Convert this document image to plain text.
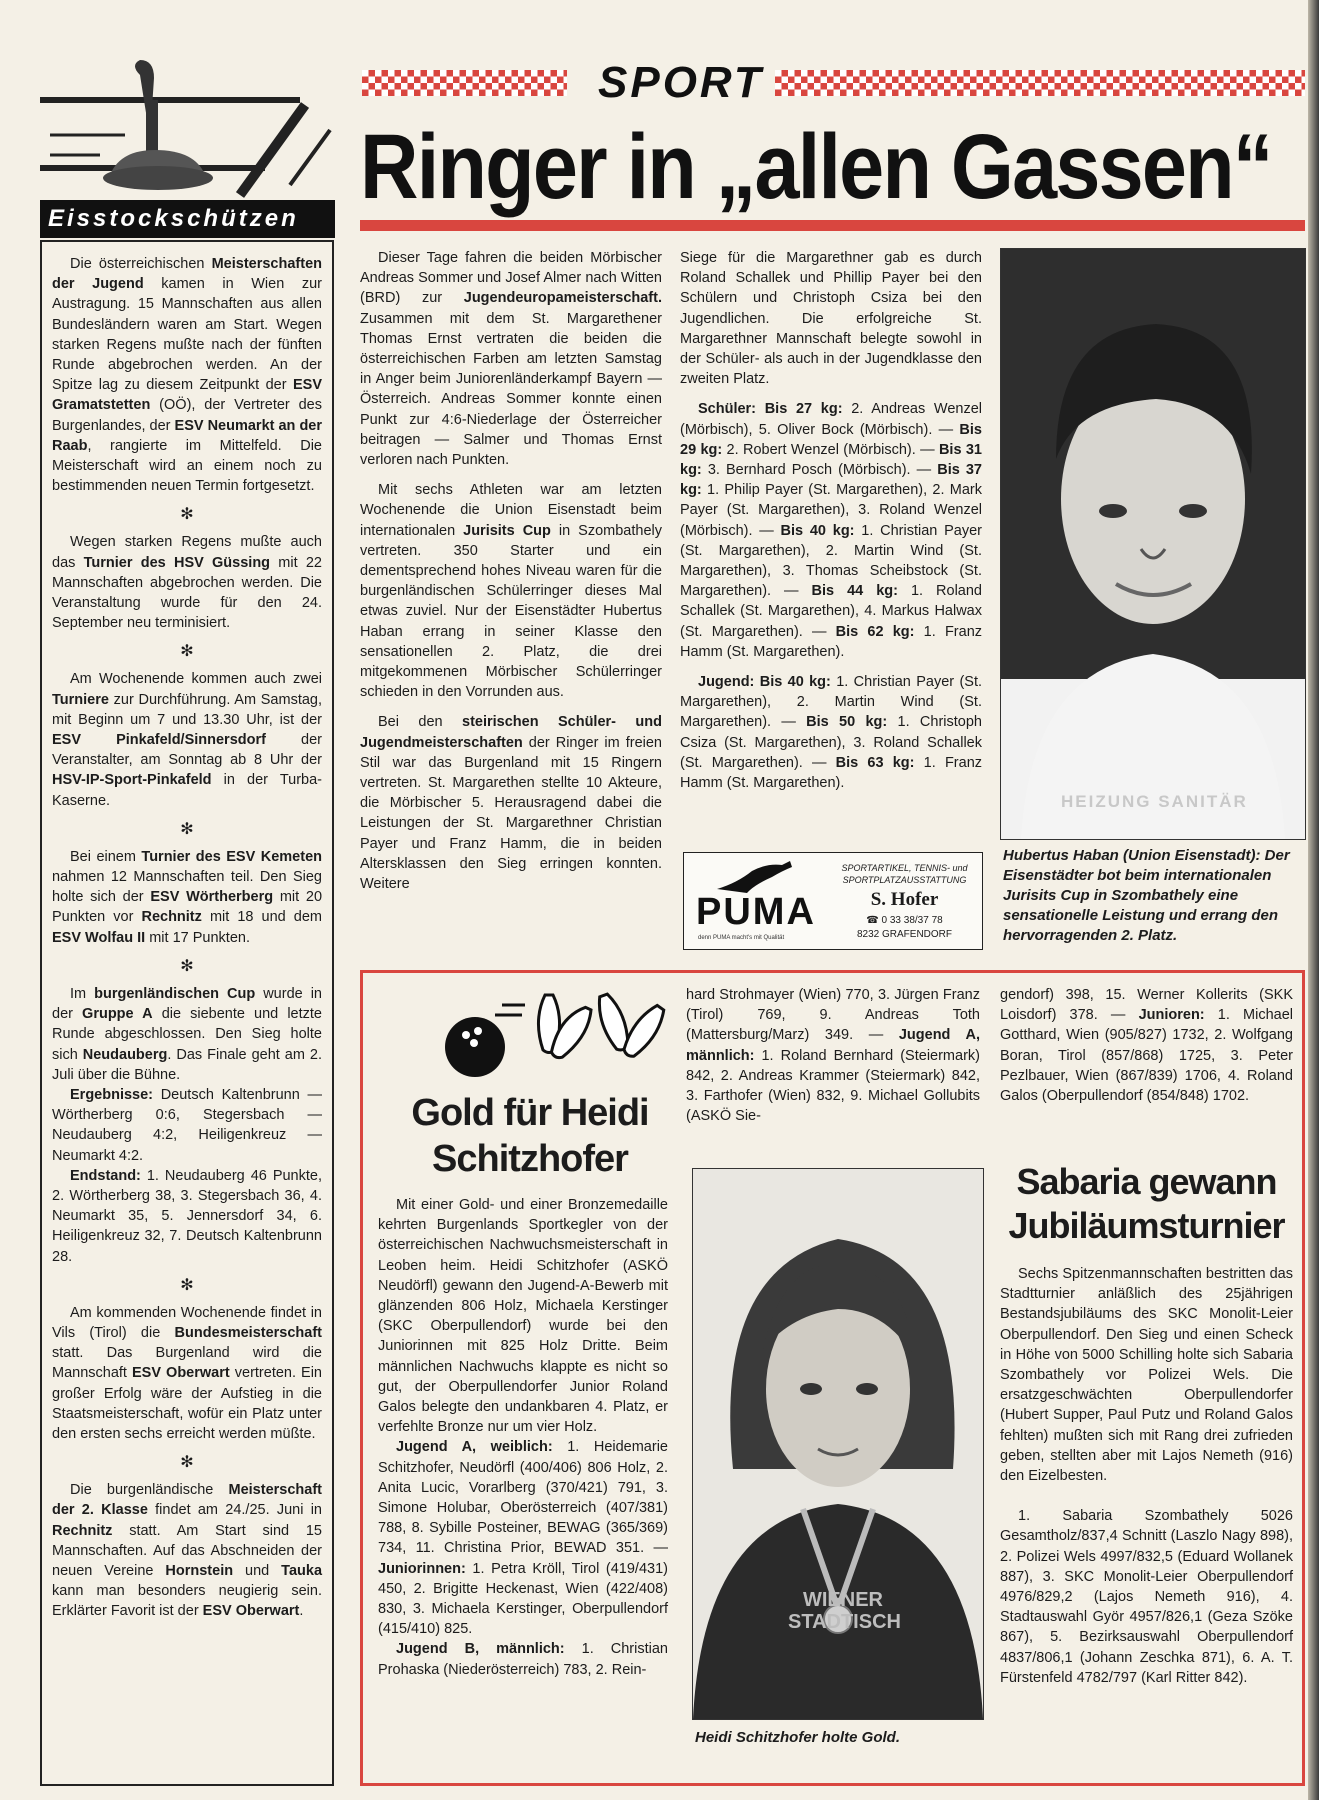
Eisstockschützen

Die österreichischen Meisterschaften der Jugend kamen in Wien zur Austragung. 15 Mannschaften aus allen Bundesländern waren am Start. Wegen starken Regens mußte nach der fünften Runde abgebrochen werden. An der Spitze lag zu diesem Zeitpunkt der ESV Gramatstetten (OÖ), der Vertreter des Burgenlandes, der ESV Neumarkt an der Raab, rangierte im Mittelfeld. Die Meisterschaft wird an einem noch zu bestimmenden neuen Termin fortgesetzt.

✻

Wegen starken Regens mußte auch das Turnier des HSV Güssing mit 22 Mannschaften abgebrochen werden. Die Veranstaltung wurde für den 24. September neu terminisiert.

✻

Am Wochenende kommen auch zwei Turniere zur Durchführung. Am Samstag, mit Beginn um 7 und 13.30 Uhr, ist der ESV Pinkafeld/Sinnersdorf der Veranstalter, am Sonntag ab 8 Uhr der HSV-IP-Sport-Pinkafeld in der Turba-Kaserne.

✻

Bei einem Turnier des ESV Kemeten nahmen 12 Mannschaften teil. Den Sieg holte sich der ESV Wörtherberg mit 20 Punkten vor Rechnitz mit 18 und dem ESV Wolfau II mit 17 Punkten.

✻

Im burgenländischen Cup wurde in der Gruppe A die siebente und letzte Runde abgeschlossen. Den Sieg holte sich Neudauberg. Das Finale geht am 2. Juli über die Bühne.

Ergebnisse: Deutsch Kaltenbrunn — Wörtherberg 0:6, Stegersbach — Neudauberg 4:2, Heiligenkreuz — Neumarkt 4:2.

Endstand: 1. Neudauberg 46 Punkte, 2. Wörtherberg 38, 3. Stegersbach 36, 4. Neumarkt 35, 5. Jennersdorf 34, 6. Heiligenkreuz 32, 7. Deutsch Kaltenbrunn 28.

✻

Am kommenden Wochenende findet in Vils (Tirol) die Bundesmeisterschaft statt. Das Burgenland wird die Mannschaft ESV Oberwart vertreten. Ein großer Erfolg wäre der Aufstieg in die Staatsmeisterschaft, wofür ein Platz unter den ersten sechs erreicht werden müßte.

✻

Die burgenländische Meisterschaft der 2. Klasse findet am 24./25. Juni in Rechnitz statt. Am Start sind 15 Mannschaften. Auf das Abschneiden der neuen Vereine Hornstein und Tauka kann man besonders neugierig sein. Erklärter Favorit ist der ESV Oberwart.

SPORT
Ringer in „allen Gassen“

Dieser Tage fahren die beiden Mörbischer Andreas Sommer und Josef Almer nach Witten (BRD) zur Jugendeuropameisterschaft. Zusammen mit dem St. Margarethener Thomas Ernst vertraten die beiden die österreichischen Farben am letzten Samstag in Anger beim Juniorenländerkampf Bayern — Österreich. Andreas Sommer konnte einen Punkt zur 4:6-Niederlage der Österreicher beitragen — Salmer und Thomas Ernst verloren nach Punkten.

Mit sechs Athleten war am letzten Wochenende die Union Eisenstadt beim internationalen Jurisits Cup in Szombathely vertreten. 350 Starter und ein dementsprechend hohes Niveau waren für die burgenländischen Schülerringer dieses Mal etwas zuviel. Nur der Eisenstädter Hubertus Haban errang in seiner Klasse den sensationellen 2. Platz, die drei mitgekommenen Mörbischer Schülerringer schieden in den Vorrunden aus.

Bei den steirischen Schüler- und Jugendmeisterschaften der Ringer im freien Stil war das Burgenland mit 15 Ringern vertreten. St. Margarethen stellte 10 Akteure, die Mörbischer 5. Herausragend dabei die Leistungen der St. Margarethner Christian Payer und Franz Hamm, die in beiden Altersklassen den Sieg erringen konnten. Weitere

Siege für die Margarethner gab es durch Roland Schallek und Phillip Payer bei den Schülern und Christoph Csiza bei den Jugendlichen. Die erfolgreiche St. Margarethner Mannschaft belegte sowohl in der Schüler- als auch in der Jugendklasse den zweiten Platz.

Schüler: Bis 27 kg: 2. Andreas Wenzel (Mörbisch), 5. Oliver Bock (Mörbisch). — Bis 29 kg: 2. Robert Wenzel (Mörbisch). — Bis 31 kg: 3. Bernhard Posch (Mörbisch). — Bis 37 kg: 1. Philip Payer (St. Margarethen), 2. Mark Payer (St. Margarethen), 3. Roland Wenzel (Mörbisch). — Bis 40 kg: 1. Christian Payer (St. Margarethen), 2. Martin Wind (St. Margarethen), 3. Thomas Scheibstock (St. Margarethen). — Bis 44 kg: 1. Roland Schallek (St. Margarethen), 4. Markus Halwax (St. Margarethen). — Bis 62 kg: 1. Franz Hamm (St. Margarethen).

Jugend: Bis 40 kg: 1. Christian Payer (St. Margarethen), 2. Martin Wind (St. Margarethen). — Bis 50 kg: 1. Christoph Csiza (St. Margarethen), 3. Roland Schallek (St. Margarethen). — Bis 63 kg: 1. Franz Hamm (St. Margarethen).

HEIZUNG SANITÄR
Hubertus Haban (Union Eisenstadt): Der Eisenstädter bot beim internationalen Jurisits Cup in Szombathely eine sensationelle Leistung und errang den hervorragenden 2. Platz.
PUMA
denn PUMA macht's mit Qualität
SPORTARTIKEL, TENNIS- und
SPORTPLATZAUSSTATTUNG
S. Hofer
☎ 0 33 38/37 78
8232 GRAFENDORF
Gold für Heidi
Schitzhofer

Mit einer Gold- und einer Bronzemedaille kehrten Burgenlands Sportkegler von der österreichischen Nachwuchsmeisterschaft in Leoben heim. Heidi Schitzhofer (ASKÖ Neudörfl) gewann den Jugend-A-Bewerb mit glänzenden 806 Holz, Michaela Kerstinger (SKC Oberpullendorf) wurde bei den Juniorinnen mit 825 Holz Dritte. Beim männlichen Nachwuchs klappte es nicht so gut, der Oberpullendorfer Junior Roland Galos belegte den undankbaren 4. Platz, er verfehlte Bronze nur um vier Holz.

Jugend A, weiblich: 1. Heidemarie Schitzhofer, Neudörfl (400/406) 806 Holz, 2. Anita Lucic, Vorarlberg (370/421) 791, 3. Simone Holubar, Oberösterreich (407/381) 788, 8. Sybille Posteiner, BEWAG (365/369) 734, 11. Christina Prior, BEWAD 351. — Juniorinnen: 1. Petra Kröll, Tirol (419/431) 450, 2. Brigitte Heckenast, Wien (422/408) 830, 3. Michaela Kerstinger, Oberpullendorf (415/410) 825.

Jugend B, männlich: 1. Christian Prohaska (Niederösterreich) 783, 2. Rein-

hard Strohmayer (Wien) 770, 3. Jürgen Franz (Tirol) 769, 9. Andreas Toth (Mattersburg/Marz) 349. — Jugend A, männlich: 1. Roland Bernhard (Steiermark) 842, 2. Andreas Krammer (Steiermark) 842, 3. Farthofer (Wien) 832, 9. Michael Gollubits (ASKÖ Sie-

WIENER STADTISCH
Heidi Schitzhofer holte Gold.

gendorf) 398, 15. Werner Kollerits (SKK Loisdorf) 378. — Junioren: 1. Michael Gotthard, Wien (905/827) 1732, 2. Wolfgang Boran, Tirol (857/868) 1725, 3. Peter Pezlbauer, Wien (867/839) 1706, 4. Roland Galos (Oberpullendorf (854/848) 1702.

Sabaria gewann
Jubiläumsturnier

Sechs Spitzenmannschaften bestritten das Stadtturnier anläßlich des 25jährigen Bestandsjubiläums des SKC Monolit-Leier Oberpullendorf. Den Sieg und einen Scheck in Höhe von 5000 Schilling holte sich Sabaria Szombathely vor Polizei Wels. Die ersatzgeschwächten Oberpullendorfer (Hubert Supper, Paul Putz und Roland Galos fehlten) mußten sich mit Rang drei zufrieden geben, stellten aber mit Lajos Nemeth (916) den Eizelbesten.

1. Sabaria Szombathely 5026 Gesamtholz/837,4 Schnitt (Laszlo Nagy 898), 2. Polizei Wels 4997/832,5 (Eduard Wollanek 887), 3. SKC Monolit-Leier Oberpullendorf 4976/829,2 (Lajos Nemeth 916), 4. Stadtauswahl Györ 4957/826,1 (Geza Szöke 867), 5. Bezirksauswahl Oberpullendorf 4837/806,1 (Johann Zeschka 871), 6. A. T. Fürstenfeld 4782/797 (Karl Ritter 842).
